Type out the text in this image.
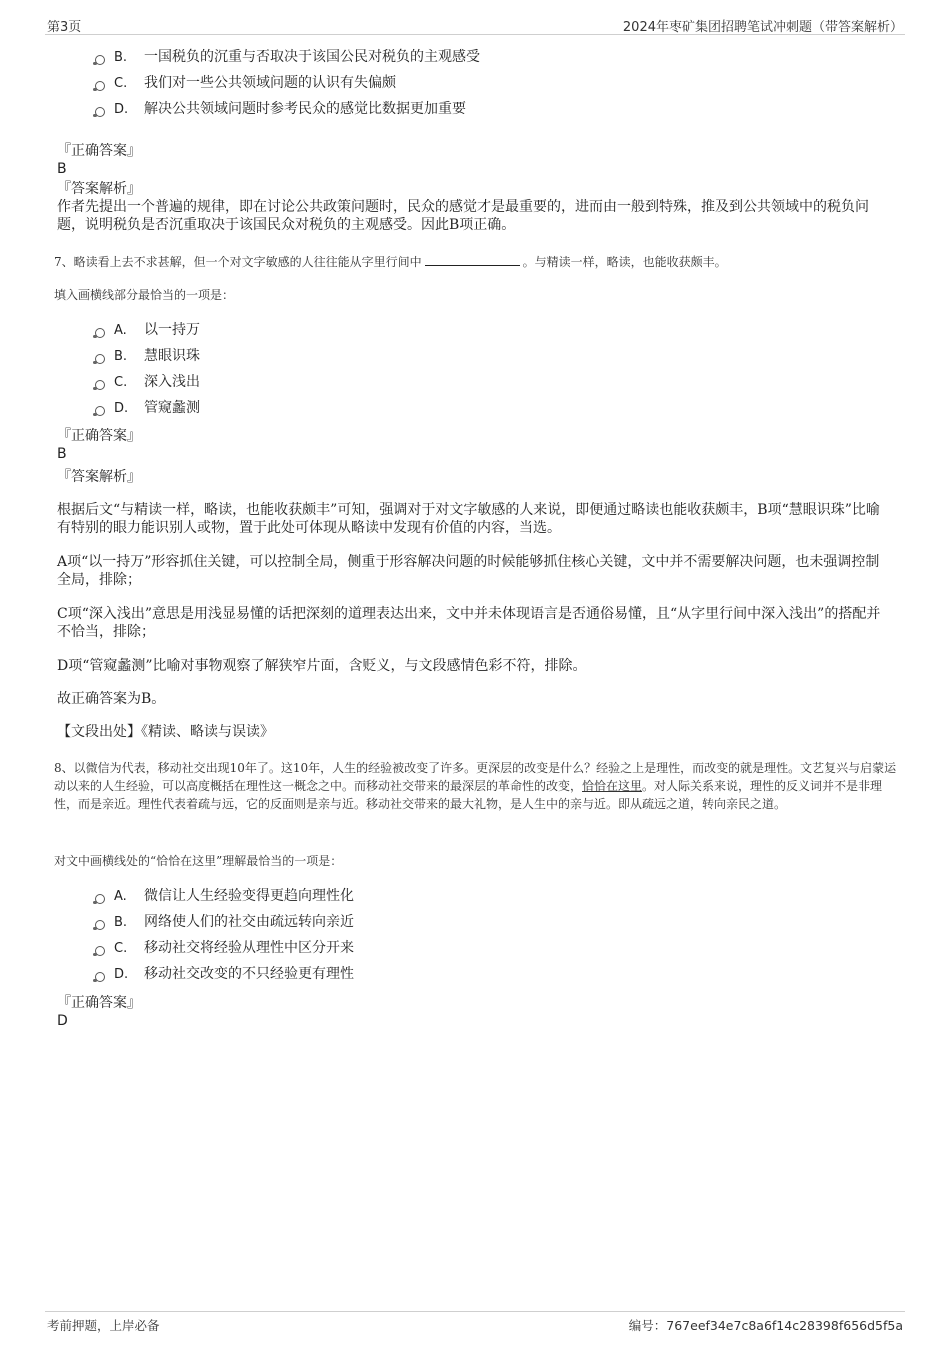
第3页	2024年枣矿集团招聘笔试冲刺题（带答案解析）
B. 一国税负的沉重与否取决于该国公民对税负的主观感受
C. 我们对一些公共领域问题的认识有失偏颇
D. 解决公共领域问题时参考民众的感觉比数据更加重要
『正确答案』
B
『答案解析』
作者先提出一个普遍的规律，即在讨论公共政策问题时，民众的感觉才是最重要的，进而由一般到特殊，推及到公共领域中的税负问题，说明税负是否沉重取决于该国民众对税负的主观感受。因此B项正确。
7、略读看上去不求甚解，但一个对文字敏感的人往往能从字里行间中	。与精读一样，略读，也能收获颇丰。
填入画横线部分最恰当的一项是：
A. 以一持万
B. 慧眼识珠
C. 深入浅出
D. 管窥蠡测
『正确答案』
B
『答案解析』
根据后文“与精读一样，略读，也能收获颇丰”可知，强调对于对文字敏感的人来说，即便通过略读也能收获颇丰，B项“慧眼识珠”比喻有特别的眼力能识别人或物，置于此处可体现从略读中发现有价值的内容，当选。
A项“以一持万”形容抓住关键，可以控制全局，侧重于形容解决问题的时候能够抓住核心关键，文中并不需要解决问题，也未强调控制全局，排除；
C项“深入浅出”意思是用浅显易懂的话把深刻的道理表达出来，文中并未体现语言是否通俗易懂，且“从字里行间中深入浅出”的搭配并不恰当，排除；
D项“管窥蠡测”比喻对事物观察了解狭窄片面，含贬义，与文段感情色彩不符，排除。
故正确答案为B。
【文段出处】《精读、略读与误读》
8、以微信为代表，移动社交出现10年了。这10年，人生的经验被改变了许多。更深层的改变是什么？经验之上是理性，而改变的就是理性。文艺复兴与启蒙运动以来的人生经验，可以高度概括在理性这一概念之中。而移动社交带来的最深层的革命性的改变，恰恰在这里。对人际关系来说，理性的反义词并不是非理性，而是亲近。理性代表着疏与远，它的反面则是亲与近。移动社交带来的最大礼物，是人生中的亲与近。即从疏远之道，转向亲民之道。
对文中画横线处的“恰恰在这里”理解最恰当的一项是：
A. 微信让人生经验变得更趋向理性化
B. 网络使人们的社交由疏远转向亲近
C. 移动社交将经验从理性中区分开来
D. 移动社交改变的不只经验更有理性
『正确答案』
D
考前押题，上岸必备	编号：767eef34e7c8a6f14c28398f656d5f5a
